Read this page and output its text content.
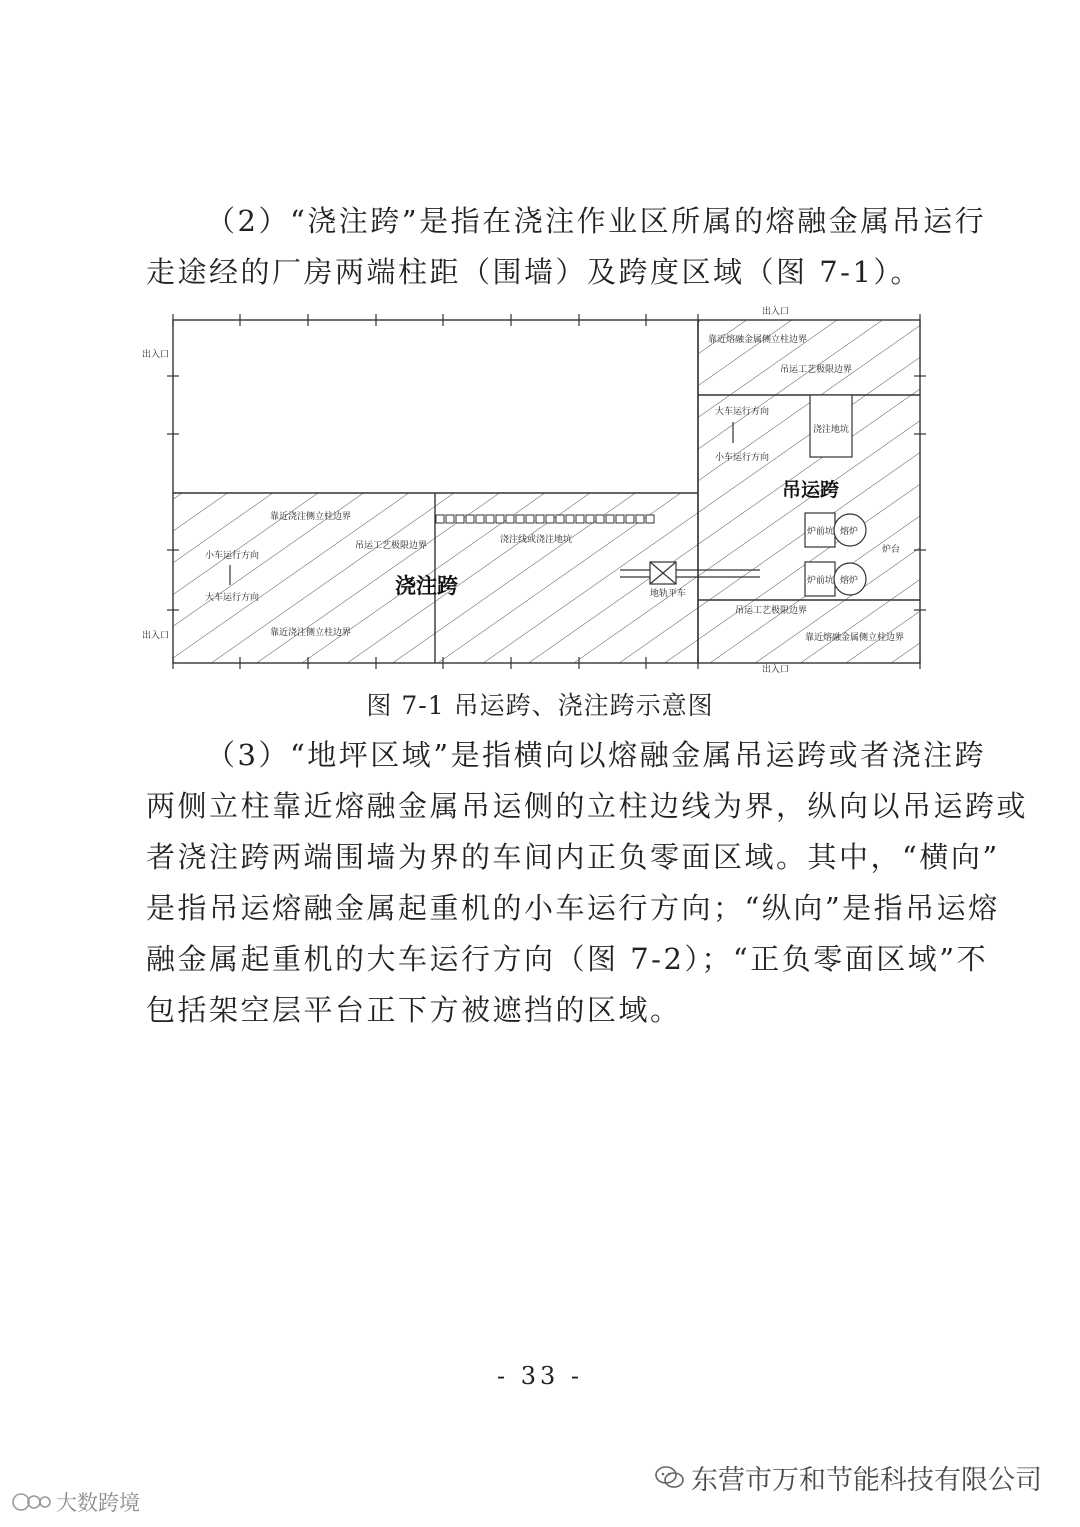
（2）“浇注跨”是指在浇注作业区所属的熔融金属吊运行
走途经的厂房两端柱距（围墙）及跨度区域（图 7-1）。

出入口
出入口
出入口
出入口
靠近浇注侧立柱边界
靠近浇注侧立柱边界
浇注线或浇注地坑
吊运工艺极限边界
小车运行方向
大车运行方向	地轨平车
靠近熔融金属侧立柱边界
吊运工艺极限边界
大车运行方向
小车运行方向
浇注地坑
炉前坑
炉前坑
熔炉
熔炉
炉台
吊运工艺极限边界
靠近熔融金属侧立柱边界
吊运跨
浇注跨
图 7-1 吊运跨、浇注跨示意图

（3）“地坪区域”是指横向以熔融金属吊运跨或者浇注跨
两侧立柱靠近熔融金属吊运侧的立柱边线为界，纵向以吊运跨或
者浇注跨两端围墙为界的车间内正负零面区域。其中，“横向”
是指吊运熔融金属起重机的小车运行方向；“纵向”是指吊运熔
融金属起重机的大车运行方向（图 7-2）；“正负零面区域”不
包括架空层平台正下方被遮挡的区域。

- 33 -
东营市万和节能科技有限公司
大数跨境
